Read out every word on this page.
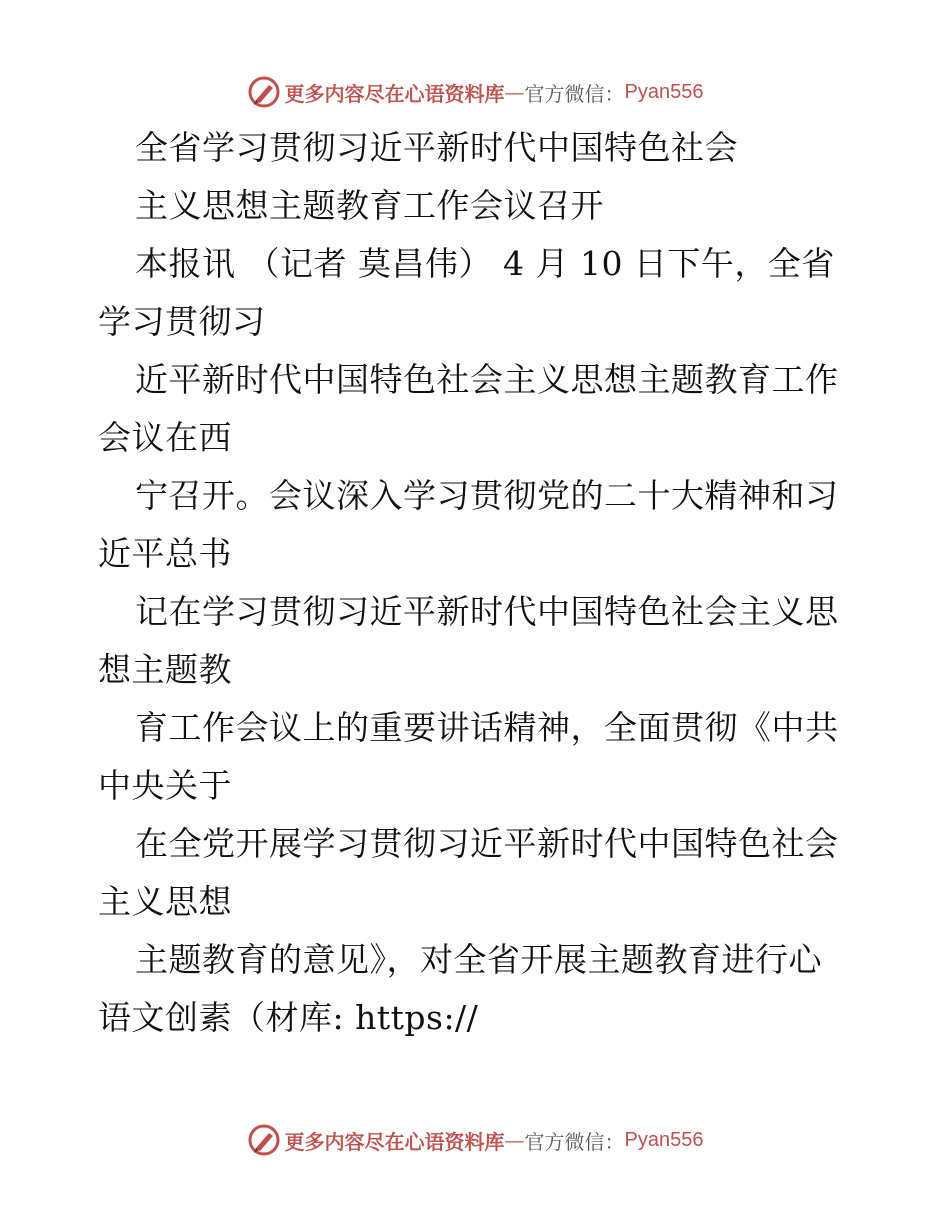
更多内容尽在心语资料库 — 官方微信： Pyan556
全省学习贯彻习近平新时代中国特色社会
主义思想主题教育工作会议召开
本报讯 （记者 莫昌伟） 4 月 10 日下午，全省
学习贯彻习
近平新时代中国特色社会主义思想主题教育工作
会议在西
宁召开。会议深入学习贯彻党的二十大精神和习
近平总书
记在学习贯彻习近平新时代中国特色社会主义思
想主题教
育工作会议上的重要讲话精神，全面贯彻《中共
中央关于
在全党开展学习贯彻习近平新时代中国特色社会
主义思想
主题教育的意见》，对全省开展主题教育进行心
语文创素（材库: https://
更多内容尽在心语资料库 — 官方微信： Pyan556
